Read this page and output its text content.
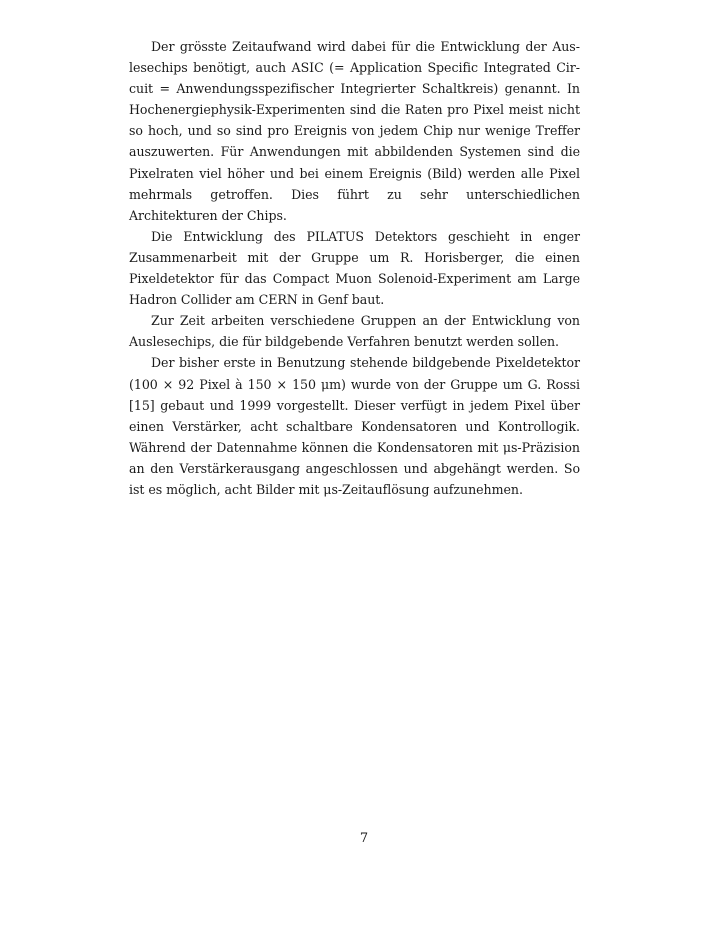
Der grösste Zeitaufwand wird dabei für die Entwicklung der Auslesechips benötigt, auch ASIC (= Application Specific Integrated Circuit = Anwendungsspezifischer Integrierter Schaltkreis) genannt. In Hochenergiephysik-Experimenten sind die Raten pro Pixel meist nicht so hoch, und so sind pro Ereignis von jedem Chip nur wenige Treffer auszuwerten. Für Anwendungen mit abbildenden Systemen sind die Pixelraten viel höher und bei einem Ereignis (Bild) werden alle Pixel mehrmals getroffen. Dies führt zu sehr unterschiedlichen Architekturen der Chips.

Die Entwicklung des PILATUS Detektors geschieht in enger Zusammenarbeit mit der Gruppe um R. Horisberger, die einen Pixeldetektor für das Compact Muon Solenoid-Experiment am Large Hadron Collider am CERN in Genf baut.

Zur Zeit arbeiten verschiedene Gruppen an der Entwicklung von Auslesechips, die für bildgebende Verfahren benutzt werden sollen.

Der bisher erste in Benutzung stehende bildgebende Pixeldetektor (100 × 92 Pixel à 150 × 150 μm) wurde von der Gruppe um G. Rossi [15] gebaut und 1999 vorgestellt. Dieser verfügt in jedem Pixel über einen Verstärker, acht schaltbare Kondensatoren und Kontrollogik. Während der Datennahme können die Kondensatoren mit μs-Präzision an den Verstärkerausgang angeschlossen und abgehängt werden. So ist es möglich, acht Bilder mit μs-Zeitauflösung aufzunehmen.

7
